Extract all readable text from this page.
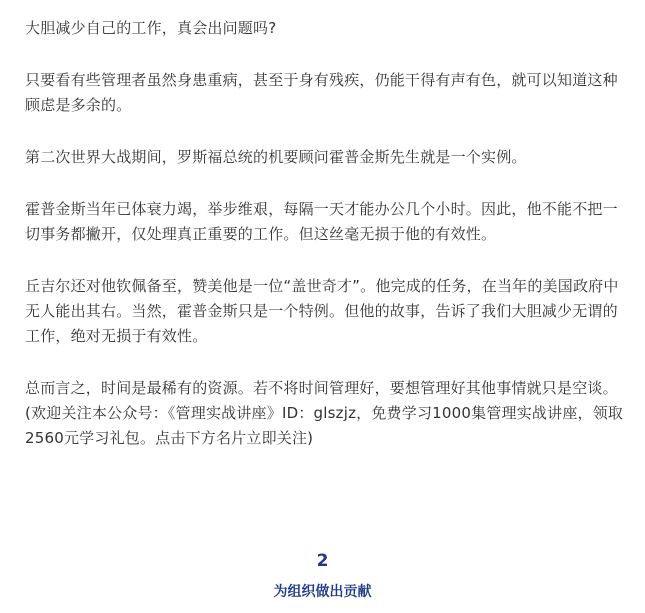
大胆减少自己的工作，真会出问题吗?

只要看有些管理者虽然身患重病，甚至于身有残疾，仍能干得有声有色，就可以知道这种顾虑是多余的。

第二次世界大战期间，罗斯福总统的机要顾问霍普金斯先生就是一个实例。

霍普金斯当年已体衰力竭，举步维艰，每隔一天才能办公几个小时。因此，他不能不把一切事务都撇开，仅处理真正重要的工作。但这丝毫无损于他的有效性。

丘吉尔还对他钦佩备至，赞美他是一位“盖世奇才”。他完成的任务，在当年的美国政府中无人能出其右。当然，霍普金斯只是一个特例。但他的故事，告诉了我们大胆减少无谓的工作，绝对无损于有效性。

总而言之，时间是最稀有的资源。若不将时间管理好，要想管理好其他事情就只是空谈。(欢迎关注本公众号：《管理实战讲座》ID：glszjz，免费学习1000集管理实战讲座，领取2560元学习礼包。点击下方名片立即关注)

2
为组织做出贡献
